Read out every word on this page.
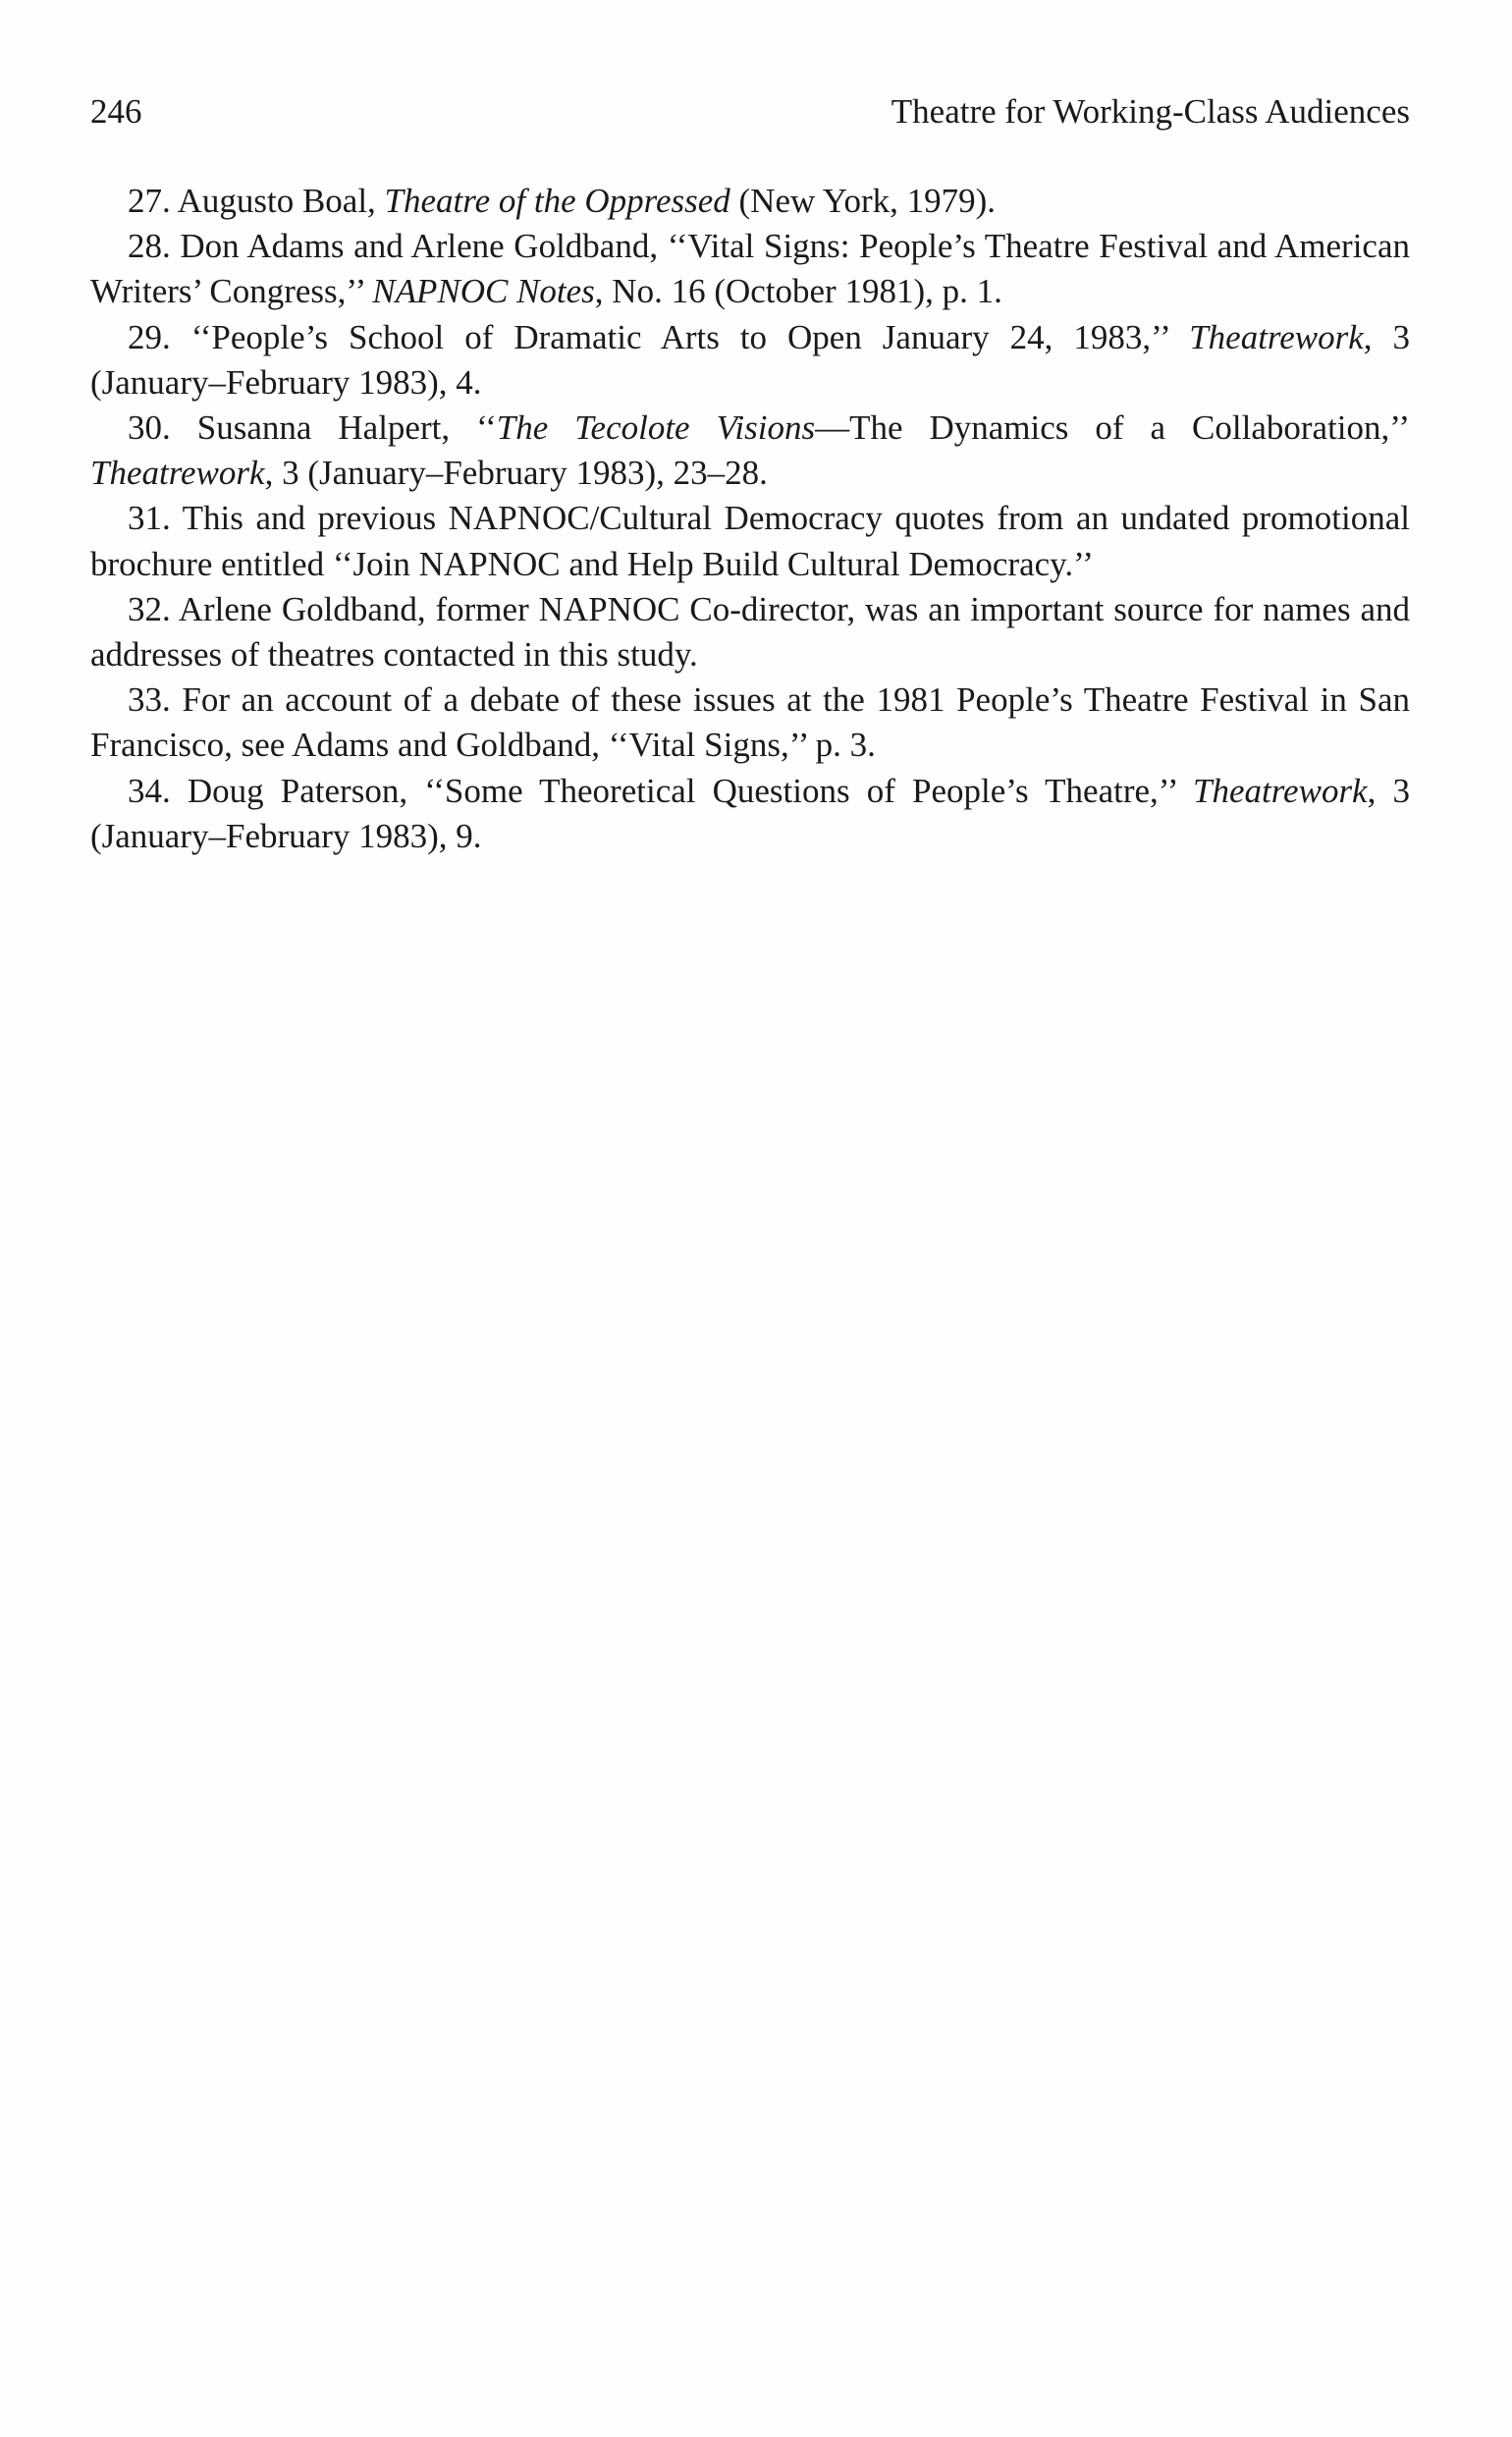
246	Theatre for Working-Class Audiences

27. Augusto Boal, Theatre of the Oppressed (New York, 1979).

28. Don Adams and Arlene Goldband, ‘‘Vital Signs: People’s Theatre Festival and American Writers’ Congress,’’ NAPNOC Notes, No. 16 (October 1981), p. 1.

29. ‘‘People’s School of Dramatic Arts to Open January 24, 1983,’’ Theatrework, 3 (January–February 1983), 4.

30. Susanna Halpert, ‘‘The Tecolote Visions—The Dynamics of a Collaboration,’’ Theatrework, 3 (January–February 1983), 23–28.

31. This and previous NAPNOC/Cultural Democracy quotes from an undated promotional brochure entitled ‘‘Join NAPNOC and Help Build Cultural Democracy.’’

32. Arlene Goldband, former NAPNOC Co-director, was an important source for names and addresses of theatres contacted in this study.

33. For an account of a debate of these issues at the 1981 People’s Theatre Festival in San Francisco, see Adams and Goldband, ‘‘Vital Signs,’’ p. 3.

34. Doug Paterson, ‘‘Some Theoretical Questions of People’s Theatre,’’ Theatrework, 3 (January–February 1983), 9.
